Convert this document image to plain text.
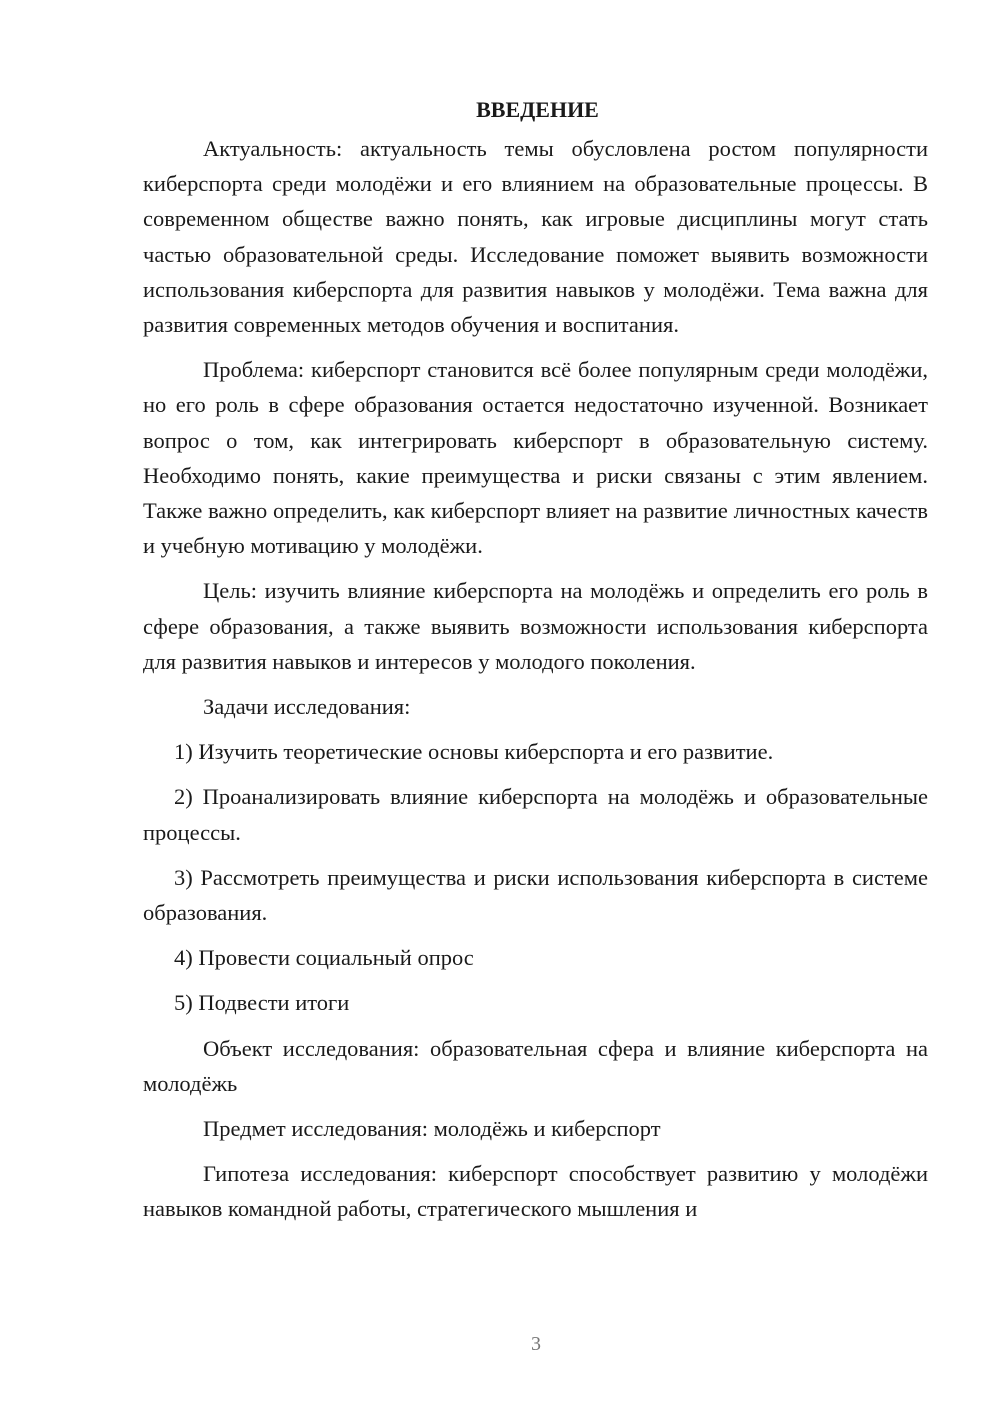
ВВЕДЕНИЕ

Актуальность: актуальность темы обусловлена ростом популярности киберспорта среди молодёжи и его влиянием на образовательные процессы. В современном обществе важно понять, как игровые дисциплины могут стать частью образовательной среды. Исследование поможет выявить возможности использования киберспорта для развития навыков у молодёжи. Тема важна для развития современных методов обучения и воспитания.

Проблема: киберспорт становится всё более популярным среди молодёжи, но его роль в сфере образования остается недостаточно изученной. Возникает вопрос о том, как интегрировать киберспорт в образовательную систему. Необходимо понять, какие преимущества и риски связаны с этим явлением. Также важно определить, как киберспорт влияет на развитие личностных качеств и учебную мотивацию у молодёжи.

Цель: изучить влияние киберспорта на молодёжь и определить его роль в сфере образования, а также выявить возможности использования киберспорта для развития навыков и интересов у молодого поколения.

Задачи исследования:

1) Изучить теоретические основы киберспорта и его развитие.

2) Проанализировать влияние киберспорта на молодёжь и образовательные процессы.

3) Рассмотреть преимущества и риски использования киберспорта в системе образования.

4) Провести социальный опрос

5) Подвести итоги

Объект исследования: образовательная сфера и влияние киберспорта на молодёжь

Предмет исследования: молодёжь и киберспорт

Гипотеза исследования: киберспорт способствует развитию у молодёжи навыков командной работы, стратегического мышления и

3
